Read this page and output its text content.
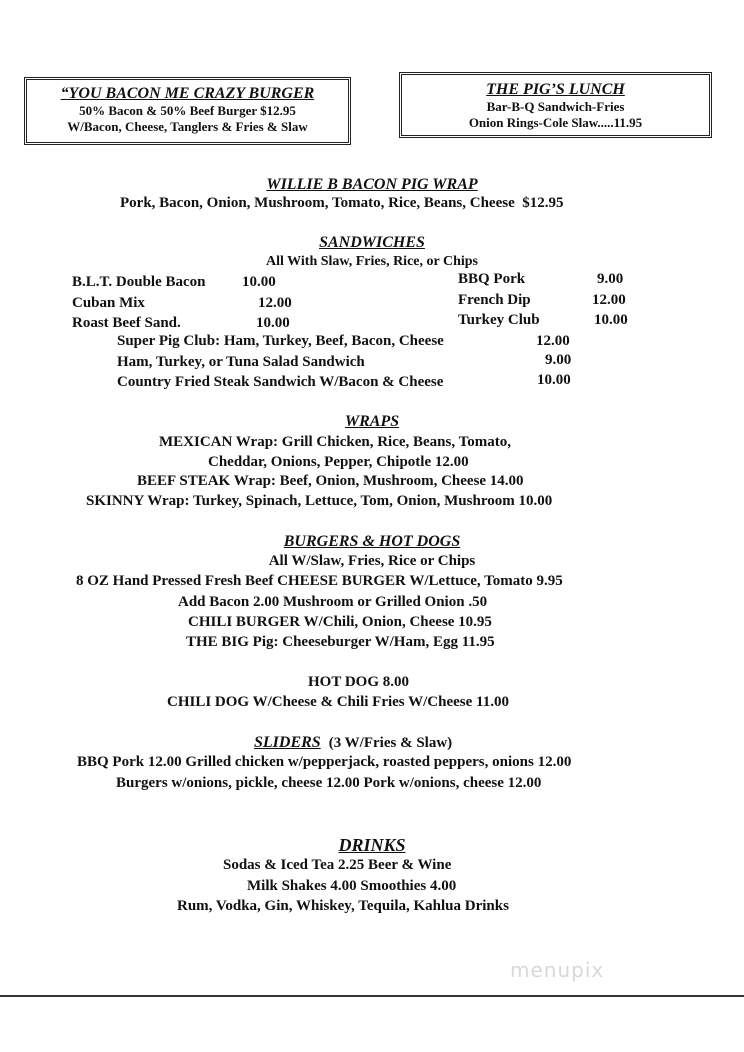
“YOU BACON ME CRAZY BURGER
50% Bacon & 50% Beef Burger $12.95
W/Bacon, Cheese, Tanglers & Fries & Slaw
THE PIG’S LUNCH
Bar-B-Q Sandwich-Fries
Onion Rings-Cole Slaw.....11.95
WILLIE B BACON PIG WRAP
Pork, Bacon, Onion, Mushroom, Tomato, Rice, Beans, Cheese $12.95
SANDWICHES
All With Slaw, Fries, Rice, or Chips
B.L.T. Double Bacon 10.00
Cuban Mix	12.00
Roast Beef Sand.	10.00
BBQ Pork	9.00
French Dip	12.00
Turkey Club	10.00
Super Pig Club: Ham, Turkey, Beef, Bacon, Cheese	12.00
Ham, Turkey, or Tuna Salad Sandwich	9.00
Country Fried Steak Sandwich W/Bacon & Cheese	10.00
WRAPS
MEXICAN Wrap: Grill Chicken, Rice, Beans, Tomato,
Cheddar, Onions, Pepper, Chipotle 12.00
BEEF STEAK Wrap: Beef, Onion, Mushroom, Cheese 14.00
SKINNY Wrap: Turkey, Spinach, Lettuce, Tom, Onion, Mushroom 10.00
BURGERS & HOT DOGS
All W/Slaw, Fries, Rice or Chips
8 OZ Hand Pressed Fresh Beef CHEESE BURGER W/Lettuce, Tomato 9.95
Add Bacon 2.00 Mushroom or Grilled Onion .50
CHILI BURGER W/Chili, Onion, Cheese 10.95
THE BIG Pig: Cheeseburger W/Ham, Egg 11.95
HOT DOG 8.00
CHILI DOG W/Cheese & Chili Fries W/Cheese 11.00
SLIDERS (3 W/Fries & Slaw)
BBQ Pork 12.00 Grilled chicken w/pepperjack, roasted peppers, onions 12.00
Burgers w/onions, pickle, cheese 12.00 Pork w/onions, cheese 12.00
DRINKS
Sodas & Iced Tea 2.25 Beer & Wine
Milk Shakes 4.00 Smoothies 4.00
Rum, Vodka, Gin, Whiskey, Tequila, Kahlua Drinks
menupix
